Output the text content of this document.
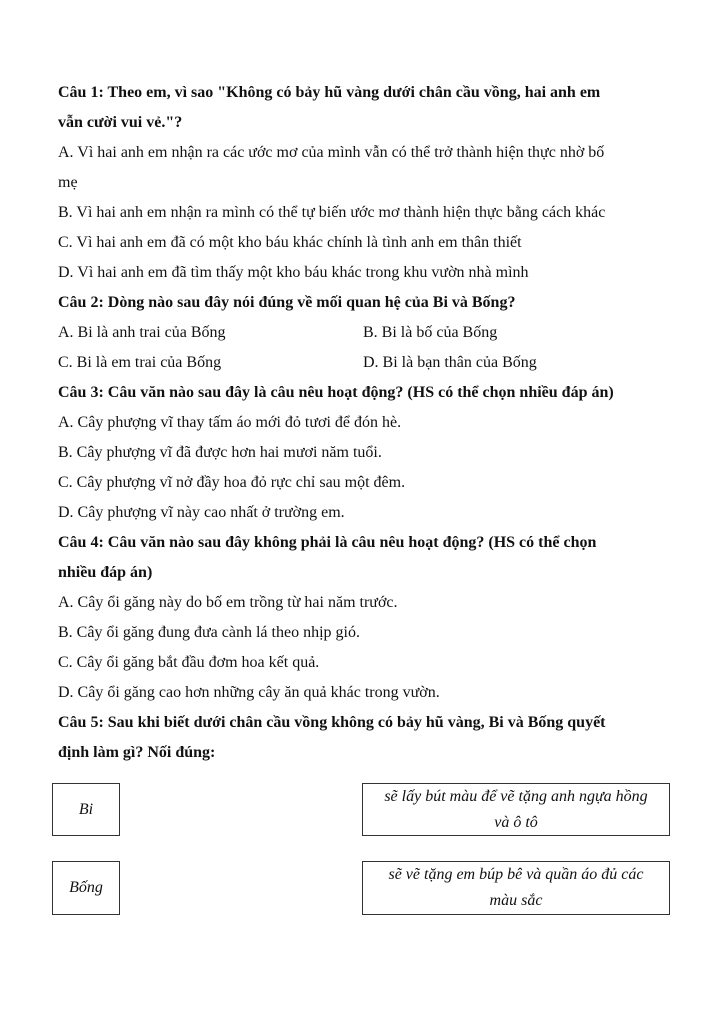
Câu 1: Theo em, vì sao "Không có bảy hũ vàng dưới chân cầu vồng, hai anh em
vẫn cười vui vẻ."?
A. Vì hai anh em nhận ra các ước mơ của mình vẫn có thể trở thành hiện thực nhờ bố
mẹ
B. Vì hai anh em nhận ra mình có thể tự biến ước mơ thành hiện thực bằng cách khác
C. Vì hai anh em đã có một kho báu khác chính là tình anh em thân thiết
D. Vì hai anh em đã tìm thấy một kho báu khác trong khu vườn nhà mình
Câu 2: Dòng nào sau đây nói đúng về mối quan hệ của Bi và Bống?
A. Bi là anh trai của Bống	B. Bi là bố của Bống
C. Bi là em trai của Bống	D. Bi là bạn thân của Bống
Câu 3: Câu văn nào sau đây là câu nêu hoạt động? (HS có thể chọn nhiều đáp án)
A. Cây phượng vĩ thay tấm áo mới đỏ tươi để đón hè.
B. Cây phượng vĩ đã được hơn hai mươi năm tuổi.
C. Cây phượng vĩ nở đầy hoa đỏ rực chỉ sau một đêm.
D. Cây phượng vĩ này cao nhất ở trường em.
Câu 4: Câu văn nào sau đây không phải là câu nêu hoạt động? (HS có thể chọn
nhiều đáp án)
A. Cây ổi găng này do bố em trồng từ hai năm trước.
B. Cây ổi găng đung đưa cành lá theo nhịp gió.
C. Cây ổi găng bắt đầu đơm hoa kết quả.
D. Cây ổi găng cao hơn những cây ăn quả khác trong vườn.
Câu 5: Sau khi biết dưới chân cầu vồng không có bảy hũ vàng, Bi và Bống quyết
định làm gì? Nối đúng:
Bi
Bống
sẽ lấy bút màu để vẽ tặng anh ngựa hồng
và ô tô
sẽ vẽ tặng em búp bê và quần áo đủ các
màu sắc
